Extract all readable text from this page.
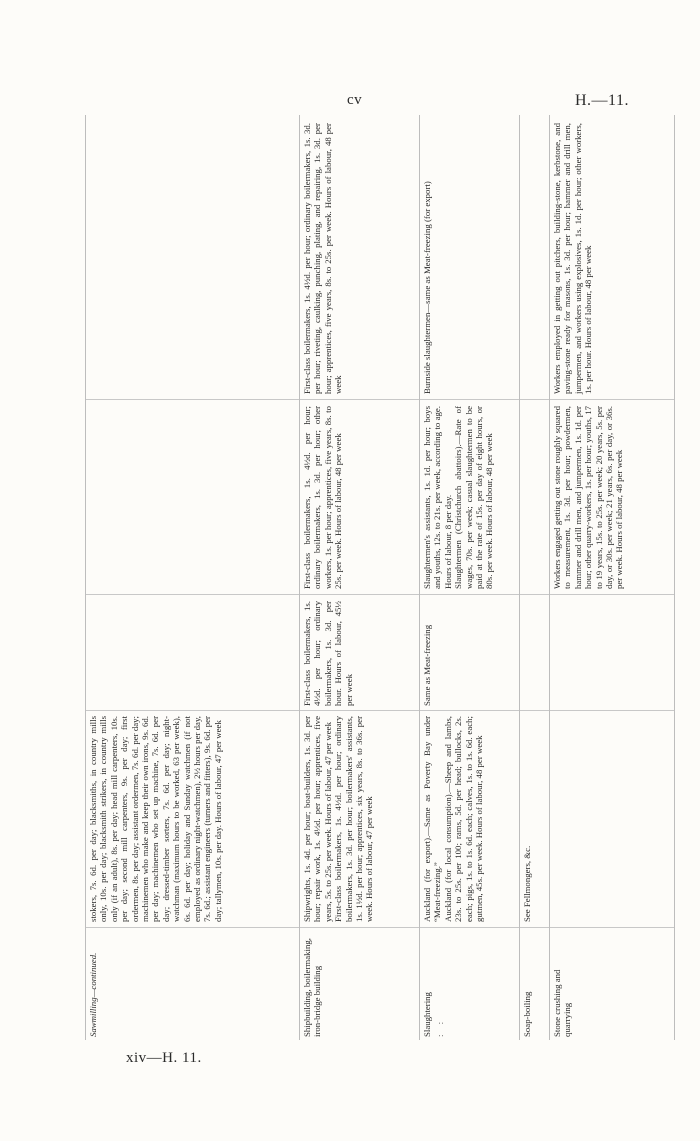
cv	H.—11.
Sawmilling—continued.
stokers, 7s. 6d. per day; blacksmiths, in country mills only, 10s. per day; blacksmith strikers, in country mills only (if an adult), 8s. per day; head mill carpenters, 10s. per day; second mill carpenters, 9s. per day; first ordermen, 8s. per day; assistant ordermen, 7s. 6d. per day; machinemen who make and keep their own irons, 9s. 6d. per day; machinemen who set up machine, 7s. 6d. per day; dressed-timber sorters, 7s. 6d. per day; night-watchman (maximum hours to be worked, 63 per week), 6s. 6d. per day; holiday and Sunday watchmen (if not employed as ordinary night-watchmen), 2½ hours per day, 7s. 6d.; assistant engineers (turners and fitters), 9s. 6d. per day; tallymen, 10s. per day. Hours of labour, 47 per week
Shipbuilding, boilermaking, iron-bridge building
Shipwrights, 1s. 4d. per hour; boat-builders, 1s. 3d. per hour; repair work, 1s. 4½d. per hour; apprentices, five years, 5s. to 25s. per week. Hours of labour, 47 per week First-class boilermakers, 1s. 4½d. per hour; ordinary boilermakers, 1s. 3d. per hour; boilermakers' assistants, 1s. 1½d. per hour; apprentices, six years, 8s. to 36s. per week. Hours of labour, 47 per week
First-class boilermakers, 1s. 4½d. per hour; ordinary boilermakers, 1s. 3d. per hour. Hours of labour, 45½ per week
First-class boilermakers, 1s. 4½d. per hour; ordinary boilermakers, 1s. 3d. per hour; other workers, 1s. per hour; apprentices, five years, 8s. to 25s. per week. Hours of labour, 48 per week
First-class boilermakers, 1s. 4½d. per hour; ordinary boilermakers, 1s. 3d. per hour; riveting, caulking, punching, plating, and repairing, 1s. 3d. per hour; apprentices, five years, 8s. to 25s. per week. Hours of labour, 48 per week
Slaughtering : :
Auckland (for export).—Same as Poverty Bay under “Meat-freezing.” Auckland (for local consumption).—Sheep and lambs, 23s. to 25s. per 100; rams, 5d. per head; bullocks, 2s. each; pigs, 1s. to 1s. 6d. each; calves, 1s. to 1s. 6d. each; gutmen, 45s. per week. Hours of labour, 48 per week
Same as Meat-freezing
Slaughtermen's assistants, 1s. 1d. per hour; boys and youths, 12s. to 21s. per week, according to age. Hours of labour, 8 per day. Slaughtermen (Christchurch abattoirs).—Rate of wages, 70s. per week; casual slaughtermen to be paid at the rate of 15s. per day of eight hours, or 80s. per week. Hours of labour, 48 per week
Burnside slaughtermen—same as Meat-freezing (for export)
Soap-boiling
See Fellmongers, &c.
Stone crushing and quarrying
Workers engaged getting out stone roughly squared to measurement, 1s. 3d. per hour; powdermen, hammer and drill men, and jumpermen, 1s. 1d. per hour; other quarry-workers, 1s. per hour; youths, 17 to 19 years, 15s. to 25s. per week; 20 years, 5s. per day, or 30s. per week; 21 years, 6s. per day, or 36s. per week. Hours of labour, 48 per week
Workers employed in getting out pitchers, building-stone, kerbstone, and paving-stone ready for masons, 1s. 3d. per hour; hammer and drill men, jumpermen, and workers using explosives, 1s. 1d. per hour; other workers, 1s. per hour. Hours of labour, 48 per week
xiv—H. 11.
